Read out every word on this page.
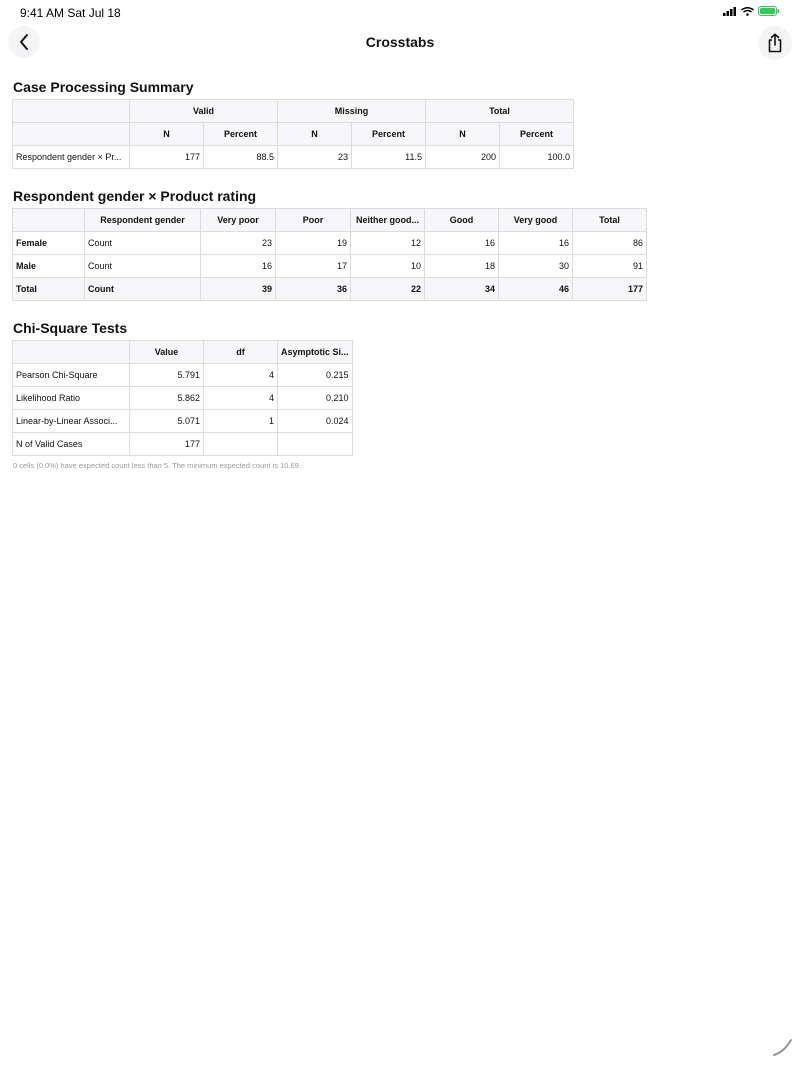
9:41 AM Sat Jul 18
Crosstabs
Case Processing Summary
	Valid		Missing		Total	
	N	Percent	N	Percent	N	Percent
Respondent gender × Pr...	177	88.5	23	11.5	200	100.0
Respondent gender × Product rating
	Respondent gender	Very poor	Poor	Neither good...	Good	Very good	Total
Female	Count	23	19	12	16	16	86
Male	Count	16	17	10	18	30	91
Total	Count	39	36	22	34	46	177
Chi-Square Tests
	Value	df	Asymptotic Si...
Pearson Chi-Square	5.791	4	0.215
Likelihood Ratio	5.862	4	0.210
Linear-by-Linear Associ...	5.071	1	0.024
N of Valid Cases	177		
0 cells (0.0%) have expected count less than 5. The minimum expected count is 10.69.
